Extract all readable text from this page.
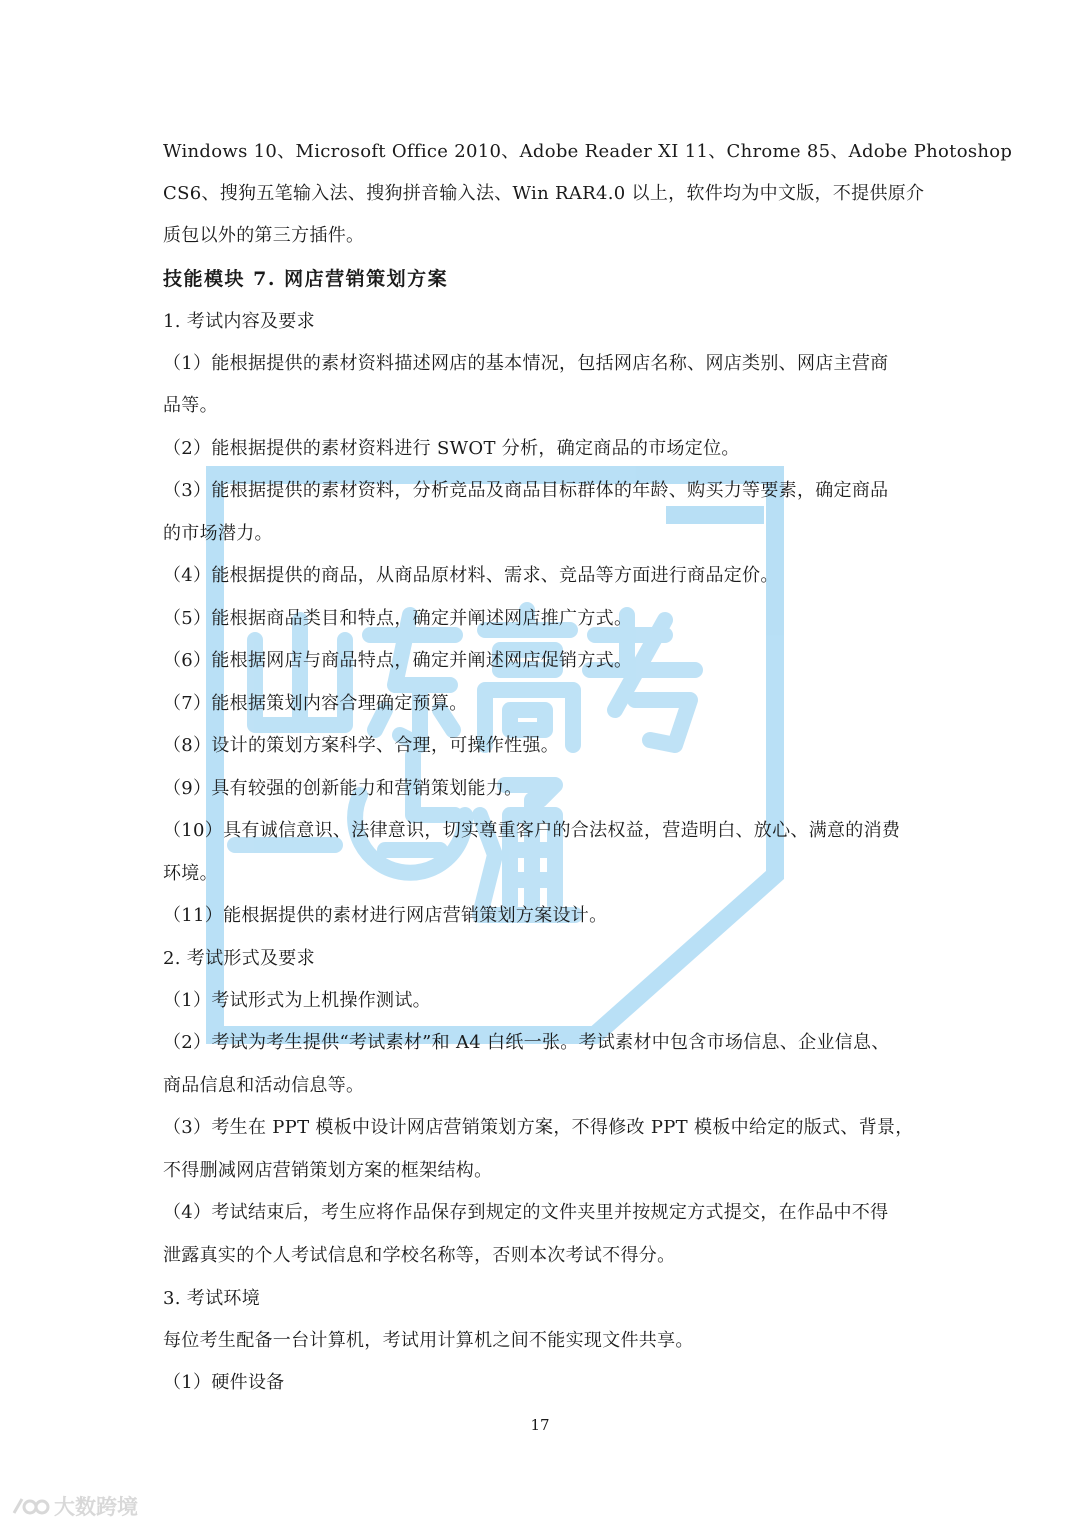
Windows 10、Microsoft Office 2010、Adobe Reader XI 11、Chrome 85、Adobe Photoshop
CS6、搜狗五笔输入法、搜狗拼音输入法、Win RAR4.0 以上，软件均为中文版，不提供原介
质包以外的第三方插件。
技能模块 7. 网店营销策划方案
1. 考试内容及要求
（1）能根据提供的素材资料描述网店的基本情况，包括网店名称、网店类别、网店主营商
品等。
（2）能根据提供的素材资料进行 SWOT 分析，确定商品的市场定位。
（3）能根据提供的素材资料，分析竞品及商品目标群体的年龄、购买力等要素，确定商品
的市场潜力。
（4）能根据提供的商品，从商品原材料、需求、竞品等方面进行商品定价。
（5）能根据商品类目和特点，确定并阐述网店推广方式。
（6）能根据网店与商品特点，确定并阐述网店促销方式。
（7）能根据策划内容合理确定预算。
（8）设计的策划方案科学、合理，可操作性强。
（9）具有较强的创新能力和营销策划能力。
（10）具有诚信意识、法律意识，切实尊重客户的合法权益，营造明白、放心、满意的消费
环境。
（11）能根据提供的素材进行网店营销策划方案设计。
2. 考试形式及要求
（1）考试形式为上机操作测试。
（2）考试为考生提供“考试素材”和 A4 白纸一张。考试素材中包含市场信息、企业信息、
商品信息和活动信息等。
（3）考生在 PPT 模板中设计网店营销策划方案，不得修改 PPT 模板中给定的版式、背景，
不得删减网店营销策划方案的框架结构。
（4）考试结束后，考生应将作品保存到规定的文件夹里并按规定方式提交，在作品中不得
泄露真实的个人考试信息和学校名称等，否则本次考试不得分。
3. 考试环境
每位考生配备一台计算机，考试用计算机之间不能实现文件共享。
（1）硬件设备
17
大数跨境
